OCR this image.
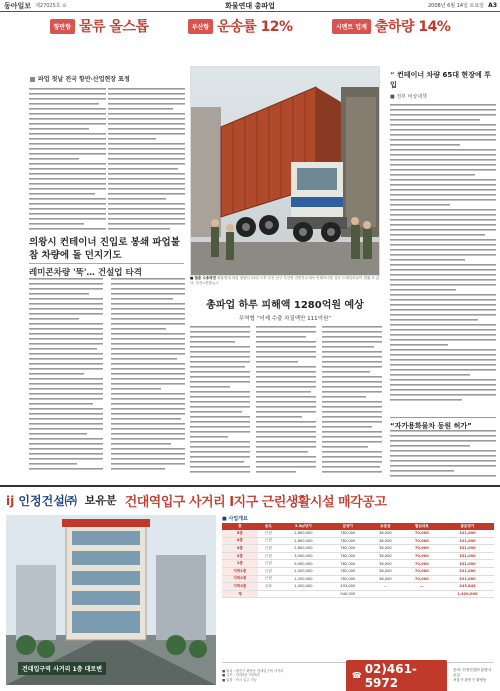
동아일보 제27025호 ⊙	화물연대 총파업	2008년 6월 14일 토요일 A3
항만항 물류 올스톱	부산항 운송률 12%	시멘트 업계 출하량 14%
파업 첫날 전국 항만·산업현장 표정
의왕시 컨테이너 진입로 봉쇄 파업불참 차량에 돌 던지기도
레미콘차량 '뚝'… 건설업 타격	■ 멈춘 수송작전 화물연대 파업 첫날인 13일 오후 부산 남구 부산항 감만부두에서 컨테이너를 실은 트레일러들이 멈춰 서 있다. 부산=연합뉴스
“ 컨테이너 차량 65대 현장에 투입
■ 정부 비상대책
총파업 하루 피해액 1280억원 예상
무역협 “어제 수출 차질액만 111억원”
“자가용화물차 동원 허가”
ij 인정건설㈜ 보유분 건대역입구 사거리 Ⅰ지구 근린생활시설 매각공고
건대입구역 사거리 1층 대로변
■ 사업개요
층	용도	3.3㎡당가	분양가	보증금	월임대료	총분양가
5층	근린	2,800,000	782,000	38,000	70,000	321,000
4층	근린	2,800,000	782,000	38,000	70,000	321,000
3층	근린	2,800,000	782,000	38,000	70,000	321,000
2층	근린	3,000,000	782,000	38,000	70,000	321,000
1층	근린	9,900,000	782,000	38,000	70,000	321,000
지하1층	근린	2,000,000	782,000	38,000	70,000	321,000
지하2층	근린	1,200,000	782,000	38,000	70,000	321,000
지하3층	주차	1,000,000	433,000	—	—	243,845
계			540,000			1,920,000
■ 위치 : 광진구 화양동 건대입구역 사거리
■ 규모 : 지하3층 지상5층
■ 입점 : 즉시 입주 가능	☎ 02)461-5972
문의: 인정건설㈜ 분양사무실
서울시 광진구 화양동
